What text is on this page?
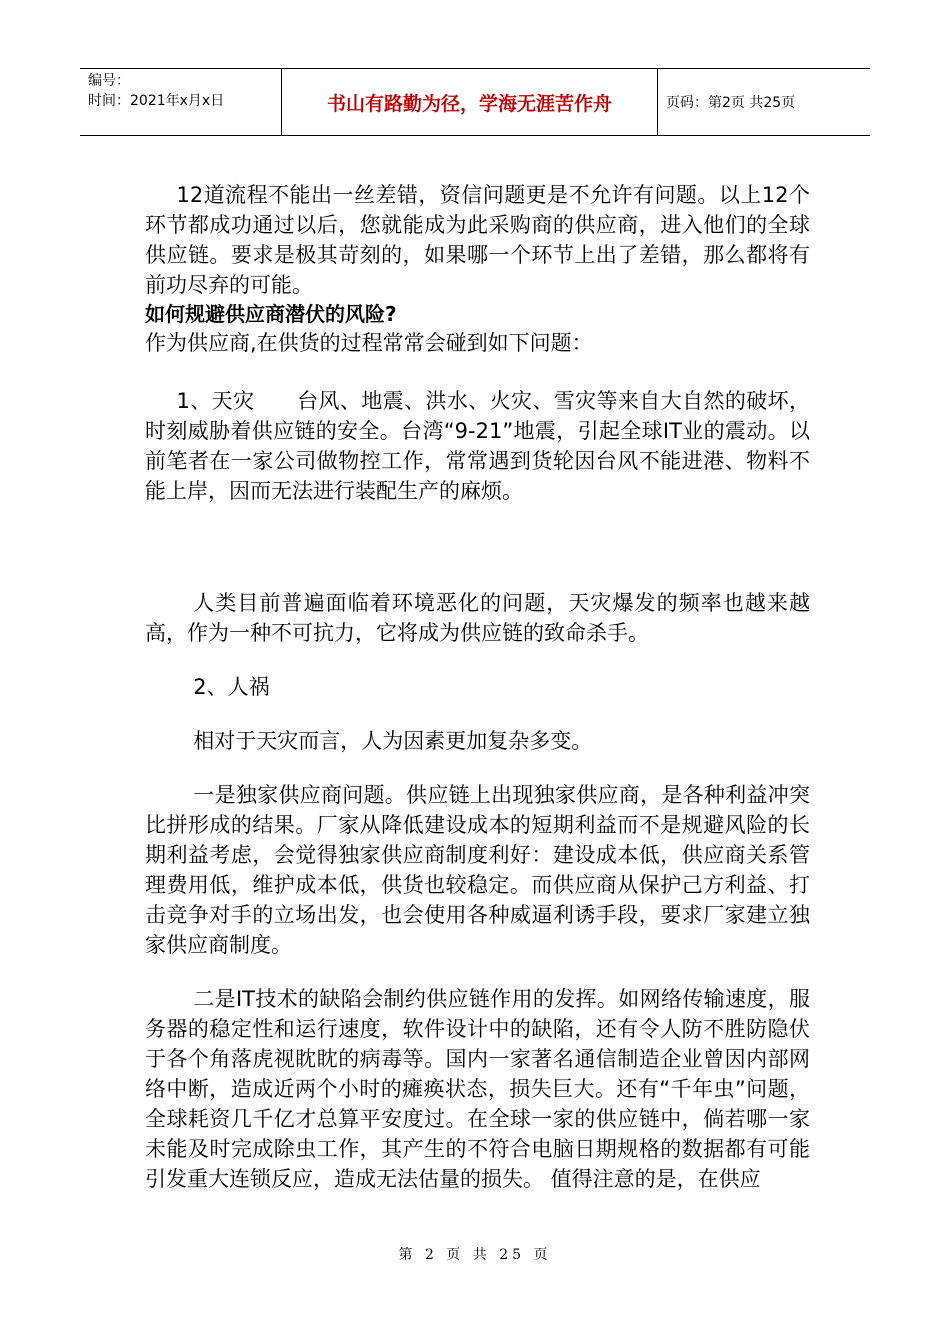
编号：
时间：2021年x月x日	书山有路勤为径，学海无涯苦作舟	页码：第2页 共25页

12道流程不能出一丝差错，资信问题更是不允许有问题。以上12个环节都成功通过以后，您就能成为此采购商的供应商，进入他们的全球供应链。要求是极其苛刻的，如果哪一个环节上出了差错，那么都将有前功尽弃的可能。

如何规避供应商潜伏的风险?

作为供应商,在供货的过程常常会碰到如下问题：

1、天灾　　台风、地震、洪水、火灾、雪灾等来自大自然的破坏，时刻威胁着供应链的安全。台湾“9-21”地震，引起全球IT业的震动。以前笔者在一家公司做物控工作，常常遇到货轮因台风不能进港、物料不能上岸，因而无法进行装配生产的麻烦。

人类目前普遍面临着环境恶化的问题，天灾爆发的频率也越来越高，作为一种不可抗力，它将成为供应链的致命杀手。

2、人祸

相对于天灾而言，人为因素更加复杂多变。

一是独家供应商问题。供应链上出现独家供应商，是各种利益冲突比拼形成的结果。厂家从降低建设成本的短期利益而不是规避风险的长期利益考虑，会觉得独家供应商制度利好：建设成本低，供应商关系管理费用低，维护成本低，供货也较稳定。而供应商从保护己方利益、打击竞争对手的立场出发，也会使用各种威逼利诱手段，要求厂家建立独家供应商制度。

二是IT技术的缺陷会制约供应链作用的发挥。如网络传输速度，服务器的稳定性和运行速度，软件设计中的缺陷，还有令人防不胜防隐伏于各个角落虎视眈眈的病毒等。国内一家著名通信制造企业曾因内部网络中断，造成近两个小时的瘫痪状态，损失巨大。还有“千年虫”问题，全球耗资几千亿才总算平安度过。在全球一家的供应链中，倘若哪一家未能及时完成除虫工作，其产生的不符合电脑日期规格的数据都有可能引发重大连锁反应，造成无法估量的损失。 值得注意的是，在供应

第 2 页 共 25 页
